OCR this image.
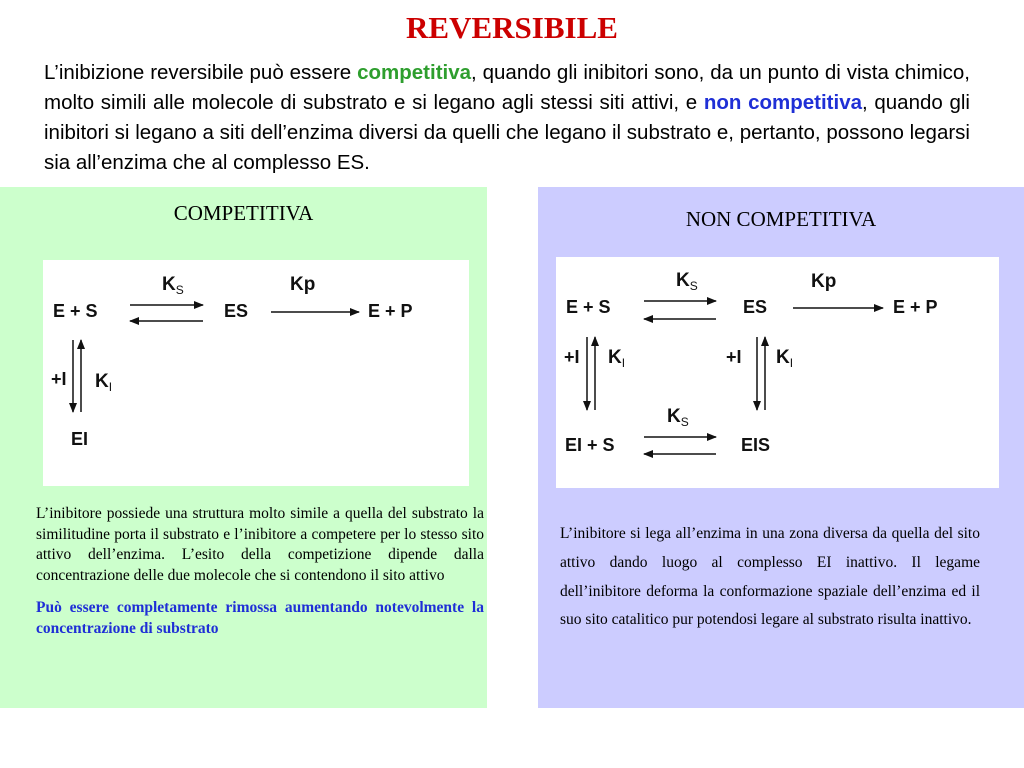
REVERSIBILE
L’inibizione reversibile può essere competitiva, quando gli inibitori sono, da un punto di vista chimico, molto simili alle molecole di substrato e si legano agli stessi siti attivi, e non competitiva, quando gli inibitori si legano a siti dell’enzima diversi da quelli che legano il substrato e, pertanto, possono legarsi sia all’enzima che al complesso ES.
COMPETITIVA
E + S
$K_S$
ES
Kp
E + P
+I $K_I$
EI

L’inibitore possiede una struttura molto simile a quella del substrato la similitudine porta il substrato e l’inibitore a competere per lo stesso sito attivo dell’enzima. L’esito della competizione dipende dalla concentrazione delle due molecole che si contendono il sito attivo

Può essere completamente rimossa aumentando notevolmente la concentrazione di substrato

NON COMPETITIVA
E + S
$K_S$
ES
Kp
E + P
+I $K_I$	+I $K_I$
$K_S$
EI + S	EIS

L’inibitore si lega all’enzima in una zona diversa da quella del sito attivo dando luogo al complesso EI inattivo. Il legame dell’inibitore deforma la conformazione spaziale dell’enzima ed il suo sito catalitico pur potendosi legare al substrato risulta inattivo.
